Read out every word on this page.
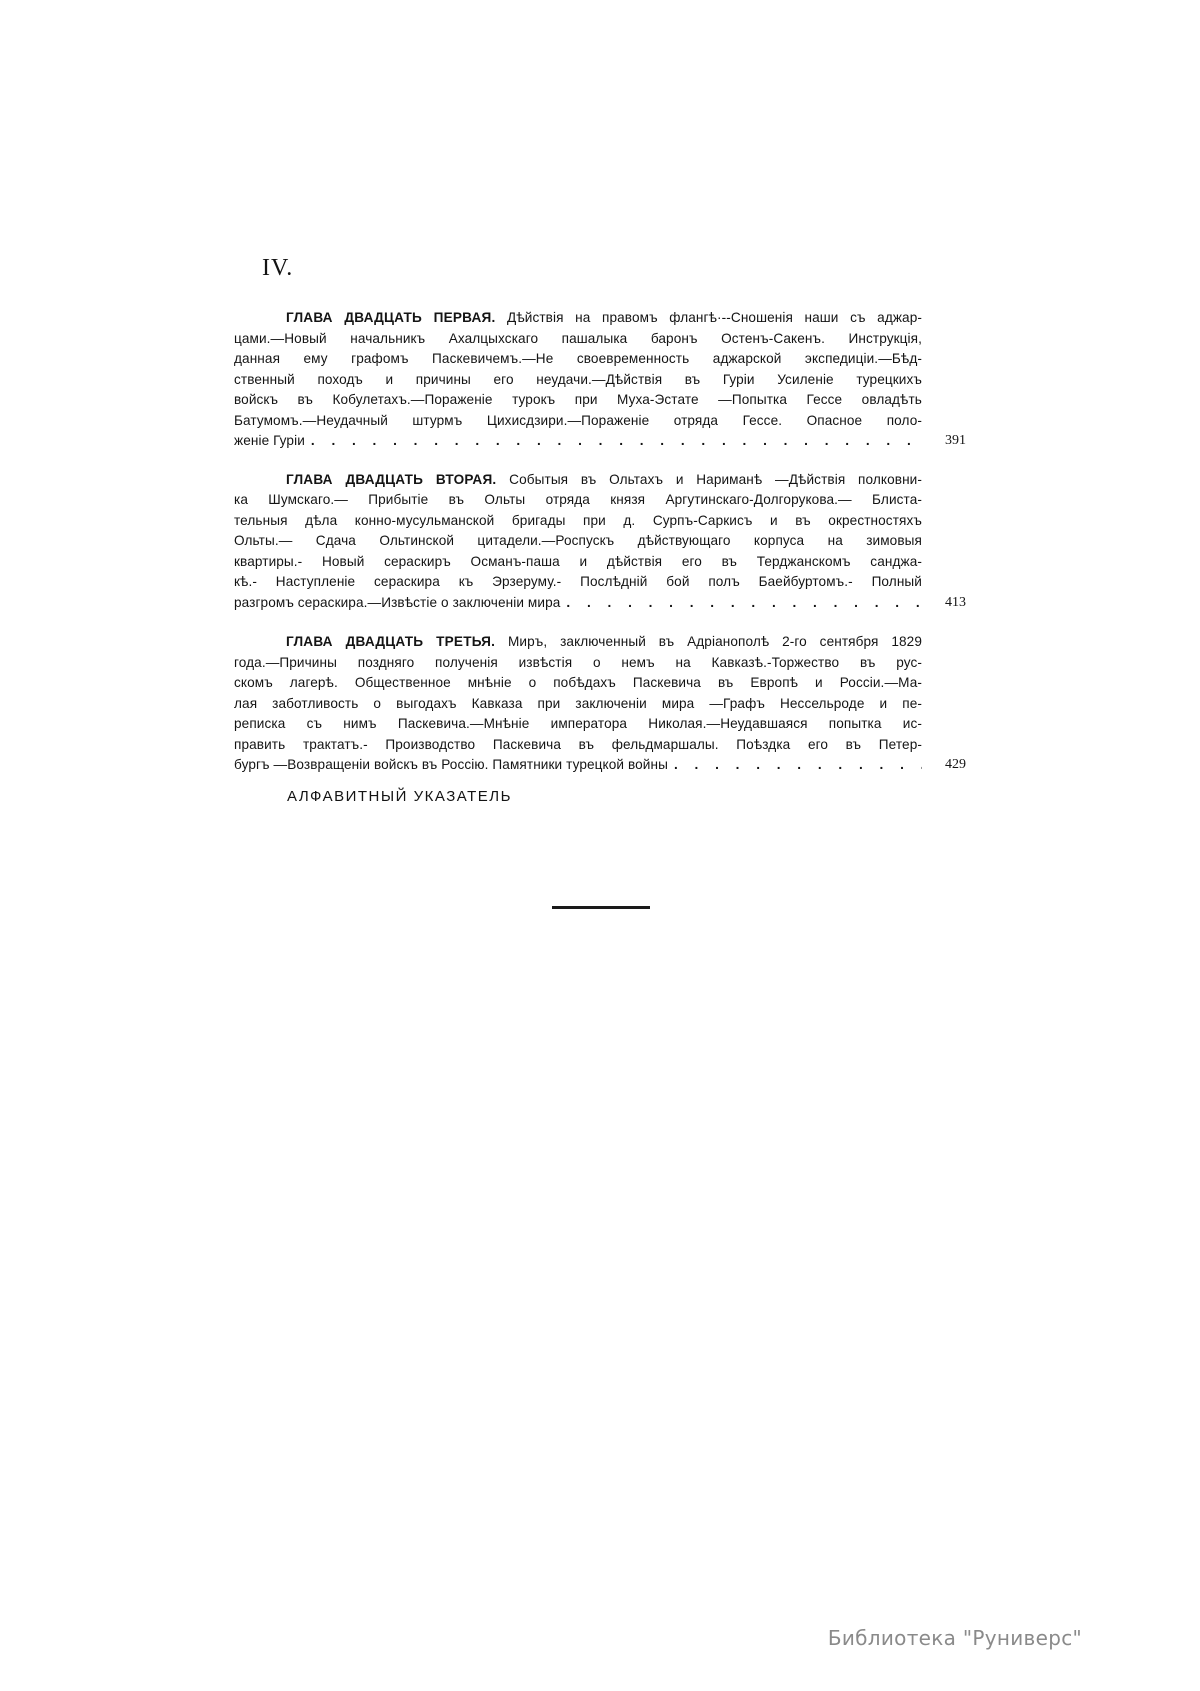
IV.
ГЛАВА ДВАДЦАТЬ ПЕРВАЯ. Дѣйствія на правомъ флангѣ·--Сношенія наши съ аджар-
цами.—Новый начальникъ Ахалцыхскаго пашалыка баронъ Остенъ-Сакенъ. Инструкція,
данная ему графомъ Паскевичемъ.—Не своевременность аджарской экспедиціи.—Бѣд-
ственный походъ и причины его неудачи.—Дѣйствія въ Гуріи Усиленіе турецкихъ
войскъ въ Кобулетахъ.—Пораженіе турокъ при Муха-Эстате —Попытка Гессе овладѣть
Батумомъ.—Неудачный штурмъ Цихисдзири.—Пораженіе отряда Гессе. Опасное поло-
женіе Гуріи . . .	391
ГЛАВА ДВАДЦАТЬ ВТОРАЯ. Событыя въ Ольтахъ и Нариманѣ —Дѣйствія полковни-
ка Шумскаго.— Прибытіе въ Ольты отряда князя Аргутинскаго-Долгорукова.— Блиста-
тельныя дѣла конно-мусульманской бригады при д. Сурпъ-Саркисъ и въ окрестностяхъ
Ольты.— Сдача Ольтинской цитадели.—Роспускъ дѣйствующаго корпуса на зимовыя
квартиры.- Новый сераскиръ Османъ-паша и дѣйствія его въ Терджанскомъ санджа-
кѣ.- Наступленіе сераскира къ Эрзеруму.- Послѣдній бой полъ Баейбуртомъ.- Полный
разгромъ сераскира.—Извѣстіе о заключеніи мира . . .	413
ГЛАВА ДВАДЦАТЬ ТРЕТЬЯ. Миръ, заключенный въ Адріанополѣ 2-го сентября 1829
года.—Причины поздняго полученія извѣстія о немъ на Кавказѣ.-Торжество въ рус-
скомъ лагерѣ. Общественное мнѣніе о побѣдахъ Паскевича въ Европѣ и Россіи.—Ма-
лая заботливость о выгодахъ Кавказа при заключеніи мира —Графъ Нессельроде и пе-
реписка съ нимъ Паскевича.—Мнѣніе императора Николая.—Неудавшаяся попытка ис-
править трактатъ.- Производство Паскевича въ фельдмаршалы. Поѣздка его въ Петер-
бургъ —Возвращеніи войскъ въ Россію. Памятники турецкой войны . . .	429
АЛФАВИТНЫЙ УКАЗАТЕЛЬ
Библиотека "Руниверс"
